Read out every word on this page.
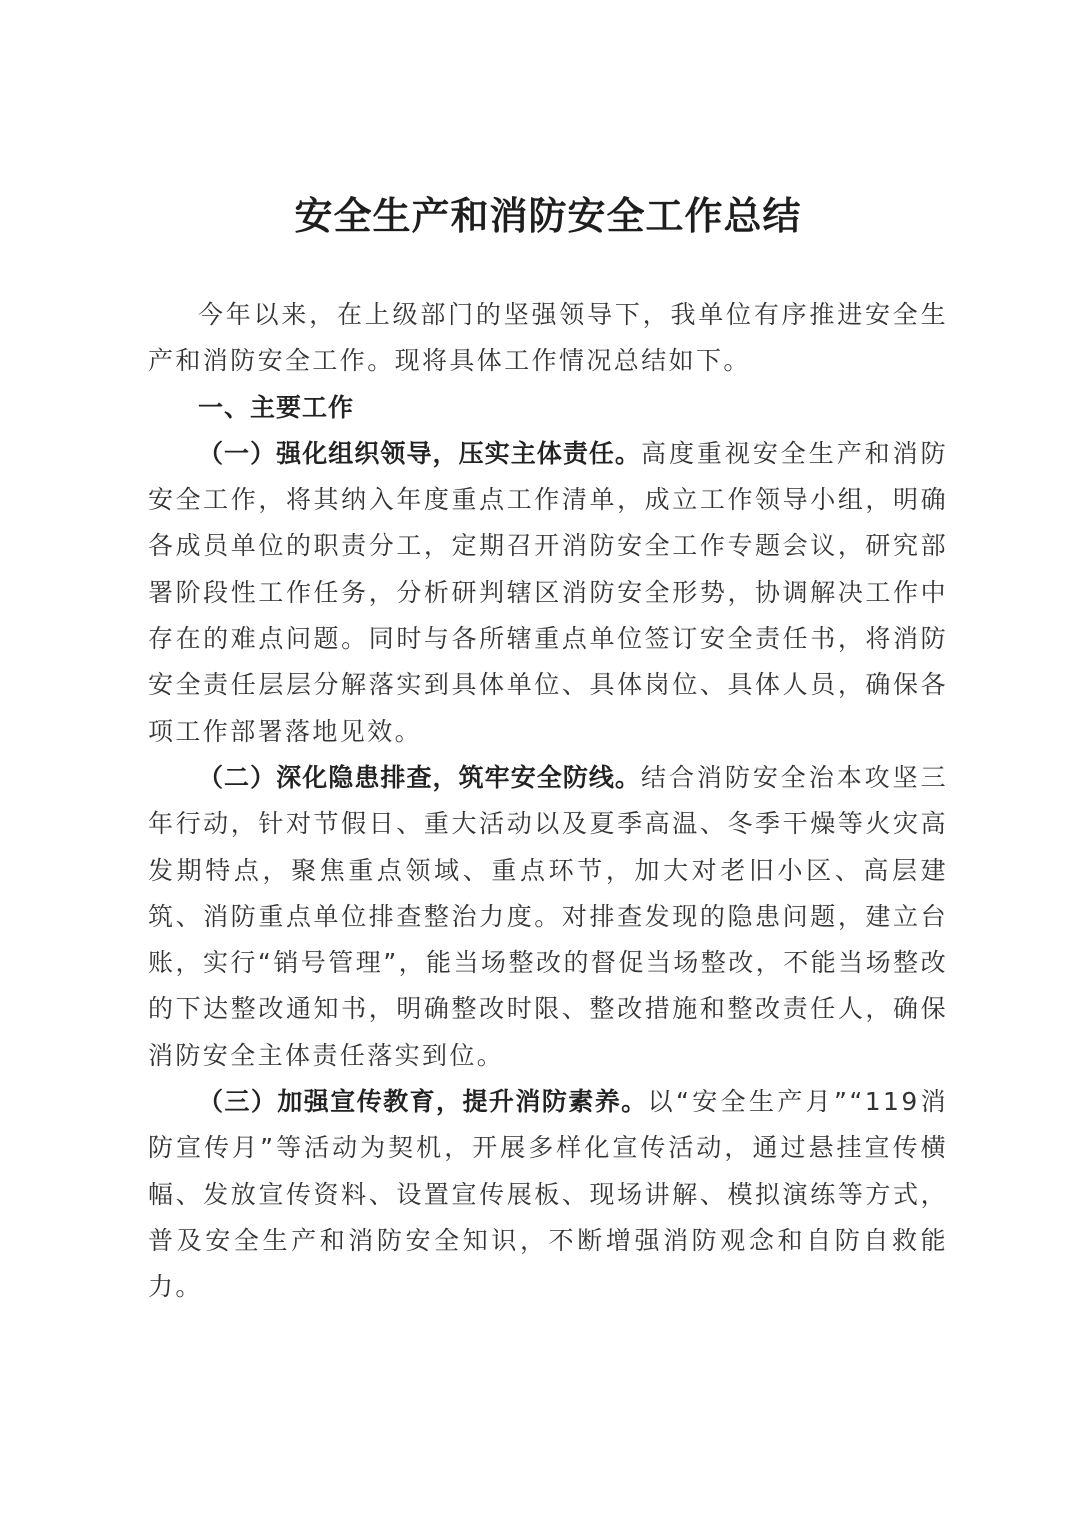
安全生产和消防安全工作总结

今年以来，在上级部门的坚强领导下，我单位有序推进安全生产和消防安全工作。现将具体工作情况总结如下。

一、主要工作

（一）强化组织领导，压实主体责任。高度重视安全生产和消防安全工作，将其纳入年度重点工作清单，成立工作领导小组，明确各成员单位的职责分工，定期召开消防安全工作专题会议，研究部署阶段性工作任务，分析研判辖区消防安全形势，协调解决工作中存在的难点问题。同时与各所辖重点单位签订安全责任书，将消防安全责任层层分解落实到具体单位、具体岗位、具体人员，确保各项工作部署落地见效。

（二）深化隐患排查，筑牢安全防线。结合消防安全治本攻坚三年行动，针对节假日、重大活动以及夏季高温、冬季干燥等火灾高发期特点，聚焦重点领域、重点环节，加大对老旧小区、高层建筑、消防重点单位排查整治力度。对排查发现的隐患问题，建立台账，实行“销号管理”，能当场整改的督促当场整改，不能当场整改的下达整改通知书，明确整改时限、整改措施和整改责任人，确保消防安全主体责任落实到位。

（三）加强宣传教育，提升消防素养。以“安全生产月”“119消防宣传月”等活动为契机，开展多样化宣传活动，通过悬挂宣传横幅、发放宣传资料、设置宣传展板、现场讲解、模拟演练等方式，普及安全生产和消防安全知识，不断增强消防观念和自防自救能力。
